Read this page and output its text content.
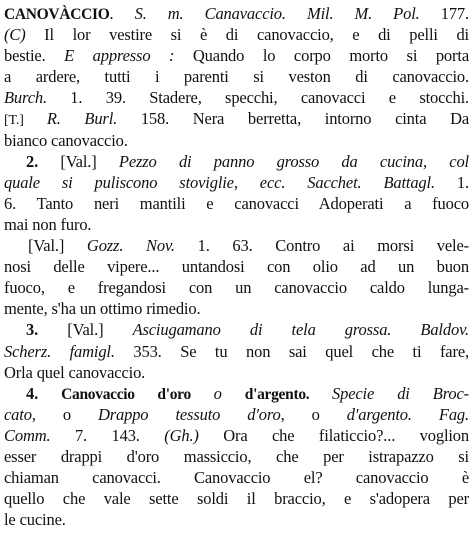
CANOVÀCCIO. S. m. Canavaccio. Mil. M. Pol. 177.
(C) Il lor vestire si è di canovaccio, e di pelli di
bestie. E appresso : Quando lo corpo morto si porta
a ardere, tutti i parenti si veston di canovaccio.
Burch. 1. 39. Stadere, specchi, canovacci e stocchi.
[T.] R. Burl. 158. Nera berretta, intorno cinta Da
bianco canovaccio.
2. [Val.] Pezzo di panno grosso da cucina, col
quale si puliscono stoviglie, ecc. Sacchet. Battagl. 1.
6. Tanto neri mantili e canovacci Adoperati a fuoco
mai non furo.
[Val.] Gozz. Nov. 1. 63. Contro ai morsi vele-
nosi delle vipere... untandosi con olio ad un buon
fuoco, e fregandosi con un canovaccio caldo lunga-
mente, s'ha un ottimo rimedio.
3. [Val.] Asciugamano di tela grossa. Baldov.
Scherz. famigl. 353. Se tu non sai quel che ti fare,
Orla quel canovaccio.
4. Canovaccio d'oro o d'argento. Specie di Broc-
cato, o Drappo tessuto d'oro, o d'argento. Fag.
Comm. 7. 143. (Gh.) Ora che filaticcio?... voglion
esser drappi d'oro massiccio, che per istrapazzo si
chiaman canovacci. Canovaccio el? canovaccio è
quello che vale sette soldi il braccio, e s'adopera per
le cucine.
